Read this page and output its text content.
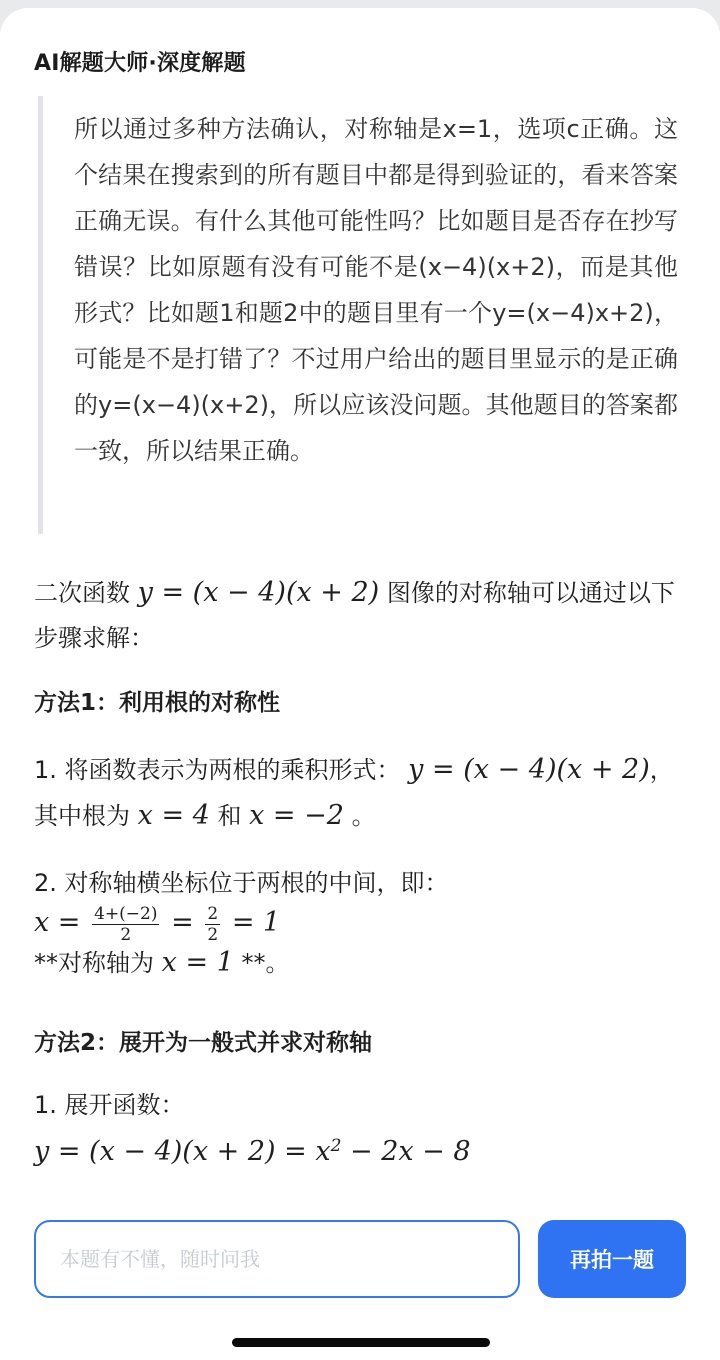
AI解题大师·深度解题

所以通过多种方法确认，对称轴是x=1，选项c正确。这个结果在搜索到的所有题目中都是得到验证的，看来答案正确无误。有什么其他可能性吗？比如题目是否存在抄写错误？比如原题有没有可能不是(x−4)(x+2)，而是其他形式？比如题1和题2中的题目里有一个y=(x−4)x+2)，可能是不是打错了？不过用户给出的题目里显示的是正确的y=(x−4)(x+2)，所以应该没问题。其他题目的答案都一致，所以结果正确。

二次函数 y = (x − 4)(x + 2) 图像的对称轴可以通过以下步骤求解：

方法1：利用根的对称性

1. 将函数表示为两根的乘积形式： y = (x − 4)(x + 2)，其中根为 x = 4 和 x = −2 。

2. 对称轴横坐标位于两根的中间，即：

$x = \frac{4+(-2)}{2} = \frac{2}{2} = 1$

**对称轴为 x = 1 **。

方法2：展开为一般式并求对称轴

1. 展开函数：

$y = (x - 4)(x + 2) = x^2 - 2x - 8$
本题有不懂，随时问我
再拍一题
